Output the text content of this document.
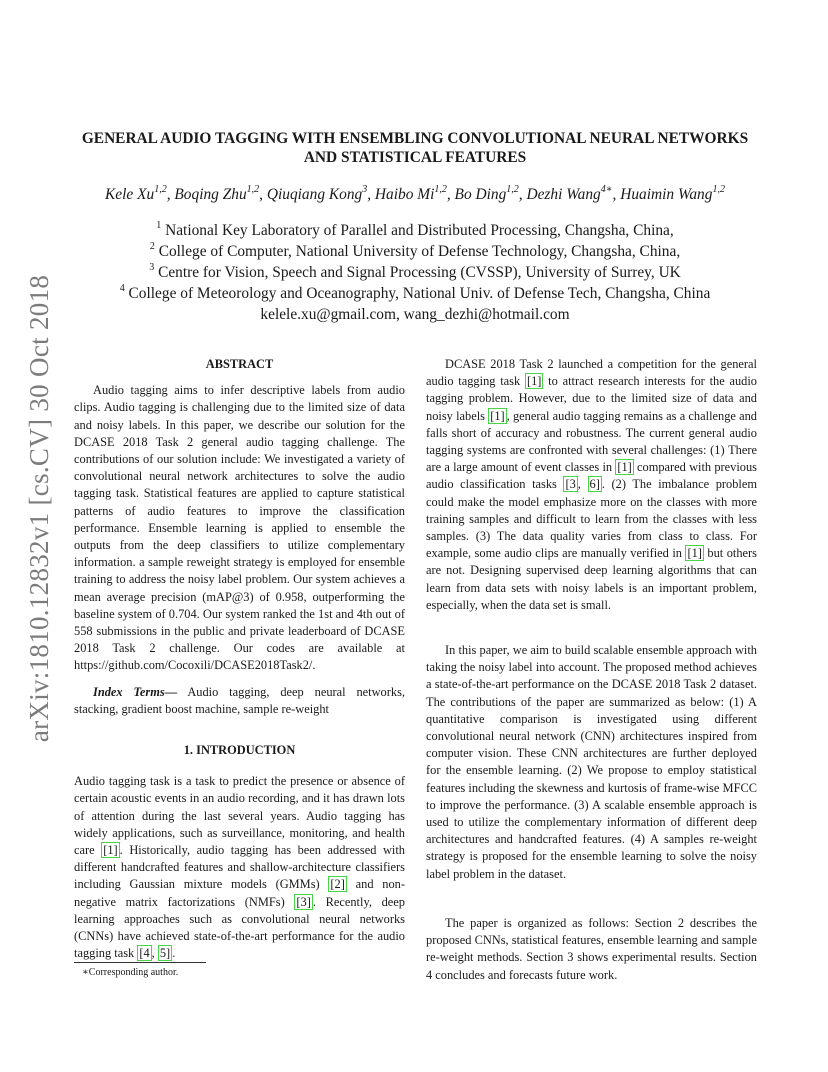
arXiv:1810.12832v1 [cs.CV] 30 Oct 2018
GENERAL AUDIO TAGGING WITH ENSEMBLING CONVOLUTIONAL NEURAL NETWORKS AND STATISTICAL FEATURES
Kele Xu$^{1,2}$, Boqing Zhu$^{1,2}$, Qiuqiang Kong$^3$, Haibo Mi$^{1,2}$, Bo Ding$^{1,2}$, Dezhi Wang$^{4∗}$, Huaimin Wang$^{1,2}$
$^1$ National Key Laboratory of Parallel and Distributed Processing, Changsha, China,
$^2$ College of Computer, National University of Defense Technology, Changsha, China,
$^3$ Centre for Vision, Speech and Signal Processing (CVSSP), University of Surrey, UK
$^4$ College of Meteorology and Oceanography, National Univ. of Defense Tech, Changsha, China
kelele.xu@gmail.com, wang_dezhi@hotmail.com
ABSTRACT

Audio tagging aims to infer descriptive labels from audio clips. Audio tagging is challenging due to the limited size of data and noisy labels. In this paper, we describe our solution for the DCASE 2018 Task 2 general audio tagging challenge. The contributions of our solution include: We investigated a variety of convolutional neural network architectures to solve the audio tagging task. Statistical features are applied to capture statistical patterns of audio features to improve the classification performance. Ensemble learning is applied to ensemble the outputs from the deep classifiers to utilize complementary information. a sample reweight strategy is employed for ensemble training to address the noisy label problem. Our system achieves a mean average precision (mAP@3) of 0.958, outperforming the baseline system of 0.704. Our system ranked the 1st and 4th out of 558 submissions in the public and private leaderboard of DCASE 2018 Task 2 challenge. Our codes are available at https://github.com/Cocoxili/DCASE2018Task2/.

Index Terms— Audio tagging, deep neural networks, stacking, gradient boost machine, sample re-weight

1. INTRODUCTION

Audio tagging task is a task to predict the presence or absence of certain acoustic events in an audio recording, and it has drawn lots of attention during the last several years. Audio tagging has widely applications, such as surveillance, monitoring, and health care [1] . Historically, audio tagging has been addressed with different handcrafted features and shallow-architecture classifiers including Gaussian mixture models (GMMs) [2] and non-negative matrix factorizations (NMFs) [3] . Recently, deep learning approaches such as convolutional neural networks (CNNs) have achieved state-of-the-art performance for the audio tagging task [4 , 5] .

DCASE 2018 Task 2 launched a competition for the general audio tagging task [1] to attract research interests for the audio tagging problem. However, due to the limited size of data and noisy labels [1] , general audio tagging remains as a challenge and falls short of accuracy and robustness. The current general audio tagging systems are confronted with several challenges: (1) There are a large amount of event classes in [1] compared with previous audio classification tasks [3 , 6] . (2) The imbalance problem could make the model emphasize more on the classes with more training samples and difficult to learn from the classes with less samples. (3) The data quality varies from class to class. For example, some audio clips are manually verified in [1] but others are not. Designing supervised deep learning algorithms that can learn from data sets with noisy labels is an important problem, especially, when the data set is small.

In this paper, we aim to build scalable ensemble approach with taking the noisy label into account. The proposed method achieves a state-of-the-art performance on the DCASE 2018 Task 2 dataset. The contributions of the paper are summarized as below: (1) A quantitative comparison is investigated using different convolutional neural network (CNN) architectures inspired from computer vision. These CNN architectures are further deployed for the ensemble learning. (2) We propose to employ statistical features including the skewness and kurtosis of frame-wise MFCC to improve the performance. (3) A scalable ensemble approach is used to utilize the complementary information of different deep architectures and handcrafted features. (4) A samples re-weight strategy is proposed for the ensemble learning to solve the noisy label problem in the dataset.

The paper is organized as follows: Section 2 describes the proposed CNNs, statistical features, ensemble learning and sample re-weight methods. Section 3 shows experimental results. Section 4 concludes and forecasts future work.

∗Corresponding author.
